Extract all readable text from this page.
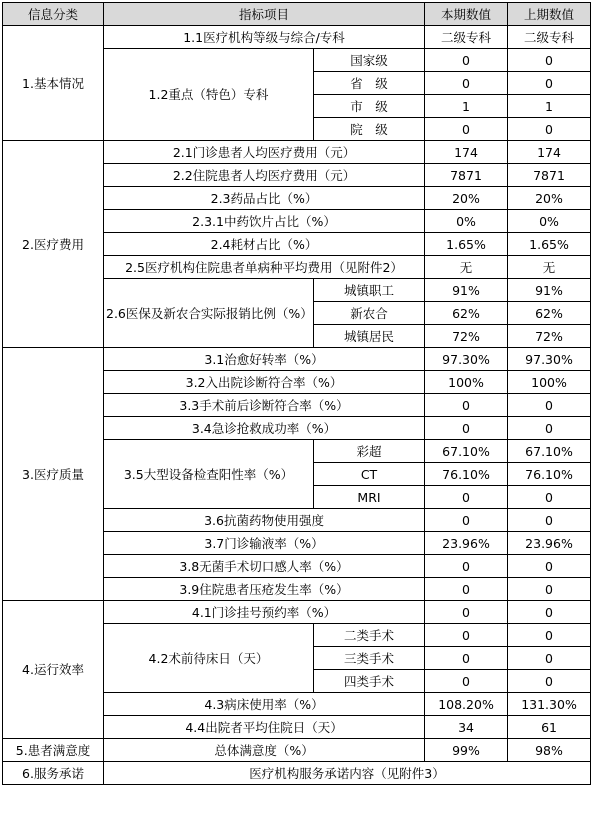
信息分类	指标项目		本期数值	上期数值
1.基本情况	1.1医疗机构等级与综合/专科		二级专科	二级专科
	1.2重点（特色）专科	国家级	0	0
		省　级	0	0
		市　级	1	1
		院　级	0	0
2.医疗费用	2.1门诊患者人均医疗费用（元）		174	174
	2.2住院患者人均医疗费用（元）		7871	7871
	2.3药品占比（%）		20%	20%
	2.3.1中药饮片占比（%）		0%	0%
	2.4耗材占比（%）		1.65%	1.65%
	2.5医疗机构住院患者单病种平均费用（见附件2）		无	无
	2.6医保及新农合实际报销比例（%）	城镇职工	91%	91%
		新农合	62%	62%
		城镇居民	72%	72%
3.医疗质量	3.1治愈好转率（%）		97.30%	97.30%
	3.2入出院诊断符合率（%）		100%	100%
	3.3手术前后诊断符合率（%）		0	0
	3.4急诊抢救成功率（%）		0	0
	3.5大型设备检查阳性率（%）	彩超	67.10%	67.10%
		CT	76.10%	76.10%
		MRI	0	0
	3.6抗菌药物使用强度		0	0
	3.7门诊输液率（%）		23.96%	23.96%
	3.8无菌手术切口感人率（%）		0	0
	3.9住院患者压疮发生率（%）		0	0
4.运行效率	4.1门诊挂号预约率（%）		0	0
	4.2术前待床日（天）	二类手术	0	0
		三类手术	0	0
		四类手术	0	0
	4.3病床使用率（%）		108.20%	131.30%
	4.4出院者平均住院日（天）		34	61
5.患者满意度	总体满意度（%）		99%	98%
6.服务承诺	医疗机构服务承诺内容（见附件3）			
